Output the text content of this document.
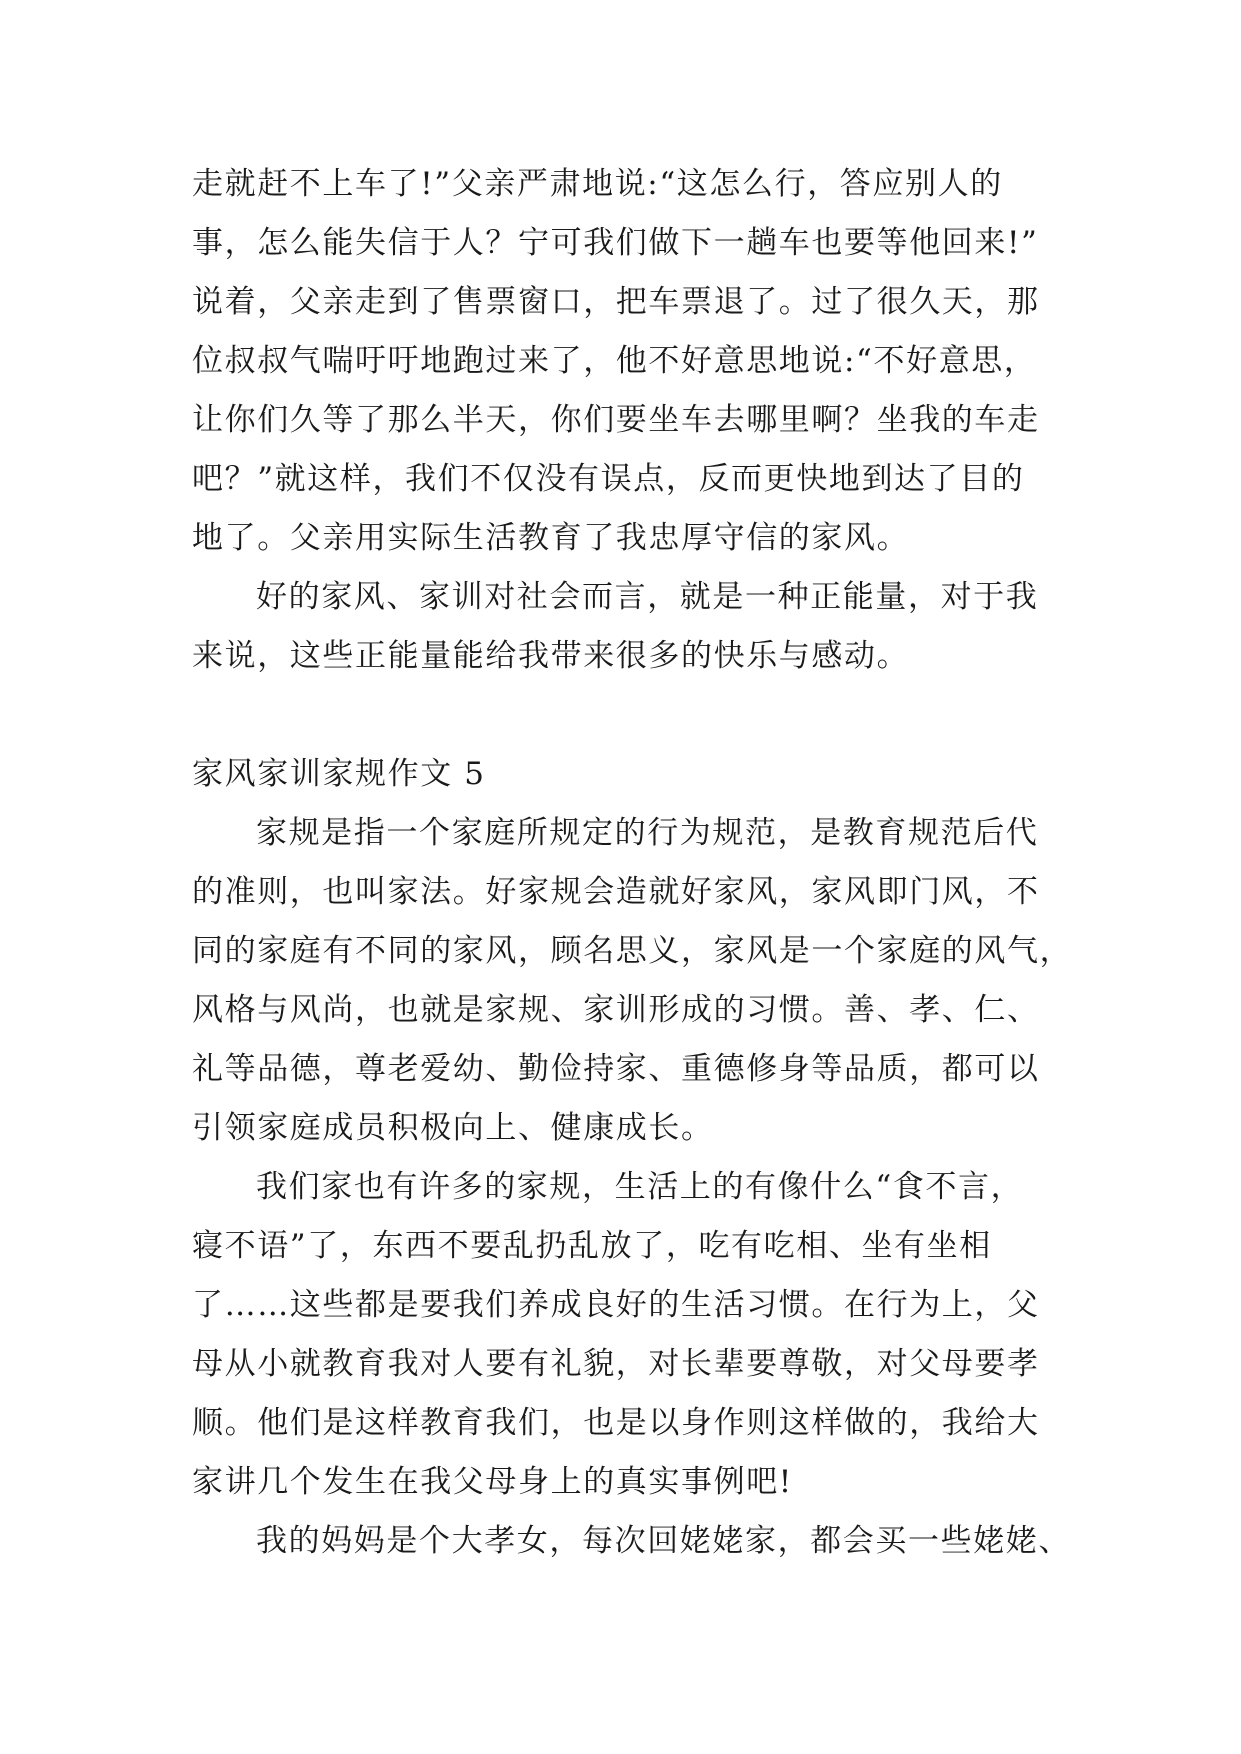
走就赶不上车了!”父亲严肃地说:“这怎么行，答应别人的
事，怎么能失信于人？宁可我们做下一趟车也要等他回来!”
说着，父亲走到了售票窗口，把车票退了。过了很久天，那
位叔叔气喘吁吁地跑过来了，他不好意思地说:“不好意思，
让你们久等了那么半天，你们要坐车去哪里啊？坐我的车走
吧？”就这样，我们不仅没有误点，反而更快地到达了目的
地了。父亲用实际生活教育了我忠厚守信的家风。
好的家风、家训对社会而言，就是一种正能量，对于我
来说，这些正能量能给我带来很多的快乐与感动。
家风家训家规作文 5
家规是指一个家庭所规定的行为规范，是教育规范后代
的准则，也叫家法。好家规会造就好家风，家风即门风，不
同的家庭有不同的家风，顾名思义，家风是一个家庭的风气，
风格与风尚，也就是家规、家训形成的习惯。善、孝、仁、
礼等品德，尊老爱幼、勤俭持家、重德修身等品质，都可以
引领家庭成员积极向上、健康成长。
我们家也有许多的家规，生活上的有像什么“食不言，
寝不语”了，东西不要乱扔乱放了，吃有吃相、坐有坐相
了……这些都是要我们养成良好的生活习惯。在行为上，父
母从小就教育我对人要有礼貌，对长辈要尊敬，对父母要孝
顺。他们是这样教育我们，也是以身作则这样做的，我给大
家讲几个发生在我父母身上的真实事例吧!
我的妈妈是个大孝女，每次回姥姥家，都会买一些姥姥、
